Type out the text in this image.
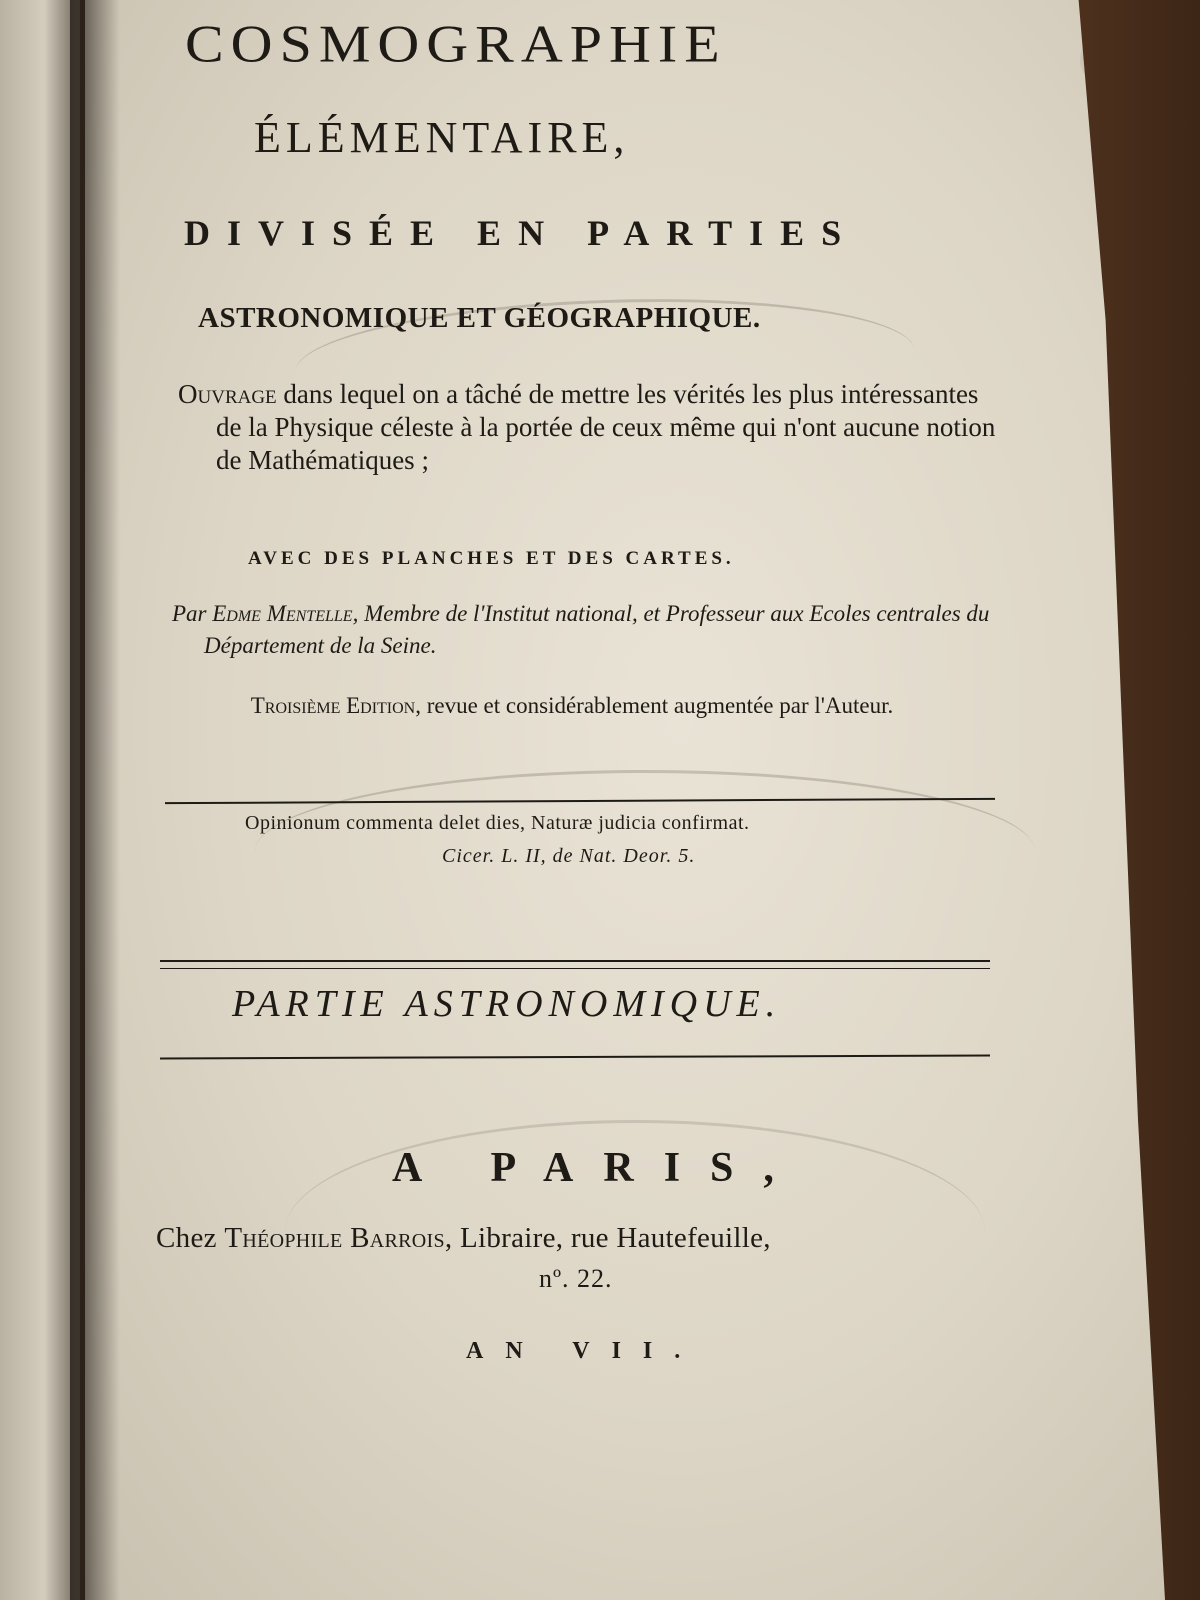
COSMOGRAPHIE
ÉLÉMENTAIRE,
DIVISÉE EN PARTIES
ASTRONOMIQUE ET GÉOGRAPHIQUE.

Ouvrage dans lequel on a tâché de mettre les vérités les plus intéressantes de la Physique céleste à la portée de ceux même qui n'ont aucune notion de Mathématiques ;

AVEC DES PLANCHES ET DES CARTES.

Par Edme Mentelle, Membre de l'Institut national, et Professeur aux Ecoles centrales du Département de la Seine.

Troisième Edition, revue et considérablement augmentée par l'Auteur.

Opinionum commenta delet dies, Naturæ judicia confirmat.
Cicer. L. II, de Nat. Deor. 5.
PARTIE ASTRONOMIQUE.
A PARIS,

Chez Théophile Barrois, Libraire, rue Hautefeuille,

nº. 22.
AN VII.
